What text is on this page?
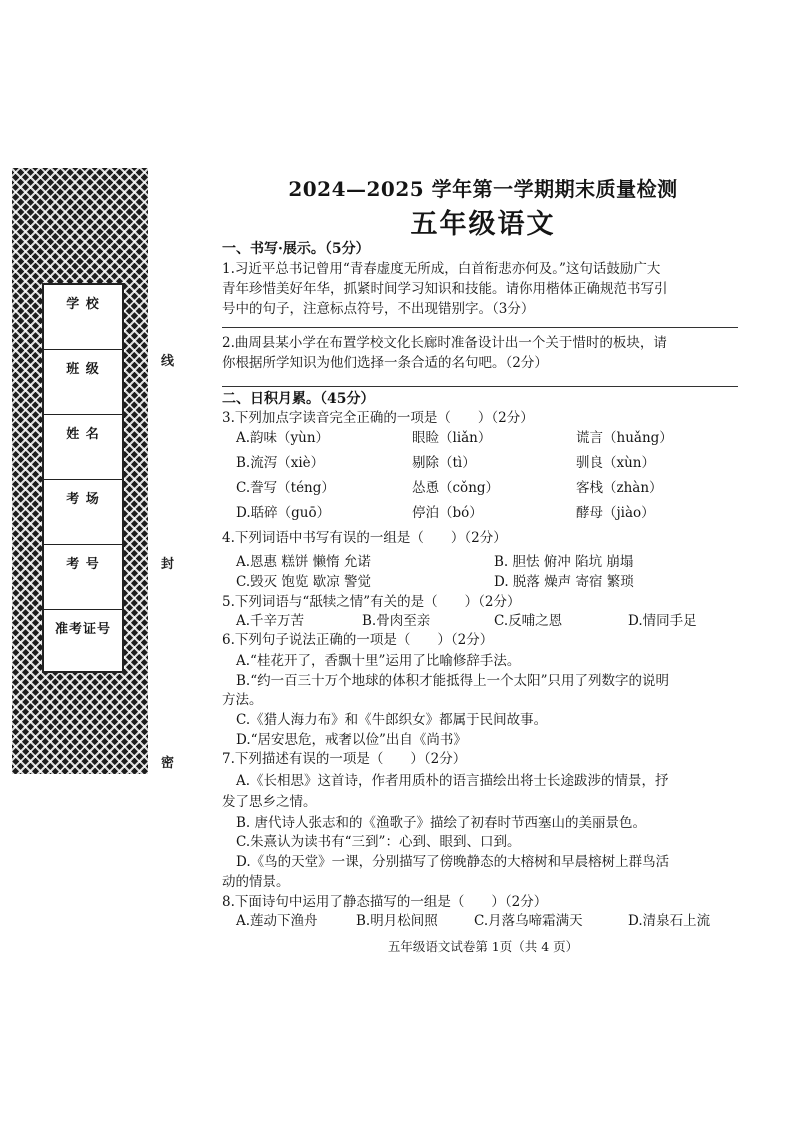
学 校
班 级
姓 名
考 场
考 号
准考证号
线
封
密
2024—2025 学年第一学期期末质量检测
五年级语文
一、书写·展示。（5分）
1.习近平总书记曾用“青春虚度无所成，白首衔悲亦何及。”这句话鼓励广大
青年珍惜美好年华，抓紧时间学习知识和技能。请你用楷体正确规范书写引
号中的句子，注意标点符号，不出现错别字。（3分）
2.曲周县某小学在布置学校文化长廊时准备设计出一个关于惜时的板块，请
你根据所学知识为他们选择一条合适的名句吧。（2分）
二、日积月累。（45分）
3.下列加点字读音完全正确的一项是（　　）（2分）
A.韵味（yùn）	眼睑（liǎn）	谎言（huǎng）
B.流泻（xiè）	剔除（tì）	驯良（xùn）
C.誊写（téng）	怂恿（cǒng）	客栈（zhàn）
D.聒碎（guō）	停泊（bó）	酵母（jiào）
4.下列词语中书写有误的一组是（　　）（2分）
A.恩惠 糕饼 懒惰 允诺	B. 胆怯 俯冲 陷坑 崩塌
C.毁灭 饱览 歇凉 警觉	D. 脱落 燥声 寄宿 繁琐
5.下列词语与“舐犊之情”有关的是（　　）（2分）
A.千辛万苦	B.骨肉至亲	C.反哺之恩	D.情同手足
6.下列句子说法正确的一项是（　　）（2分）
A.“桂花开了，香飘十里”运用了比喻修辞手法。
B.“约一百三十万个地球的体积才能抵得上一个太阳”只用了列数字的说明
方法。
C.《猎人海力布》和《牛郎织女》都属于民间故事。
D.“居安思危，戒奢以俭”出自《尚书》
7.下列描述有误的一项是（　　）（2分）
A.《长相思》这首诗，作者用质朴的语言描绘出将士长途跋涉的情景，抒
发了思乡之情。
B. 唐代诗人张志和的《渔歌子》描绘了初春时节西塞山的美丽景色。
C.朱熹认为读书有“三到”：心到、眼到、口到。
D.《鸟的天堂》一课，分别描写了傍晚静态的大榕树和早晨榕树上群鸟活
动的情景。
8.下面诗句中运用了静态描写的一组是（　　）（2分）
A.莲动下渔舟	B.明月松间照	C.月落乌啼霜满天	D.清泉石上流
五年级语文试卷第 1页（共 4 页）
